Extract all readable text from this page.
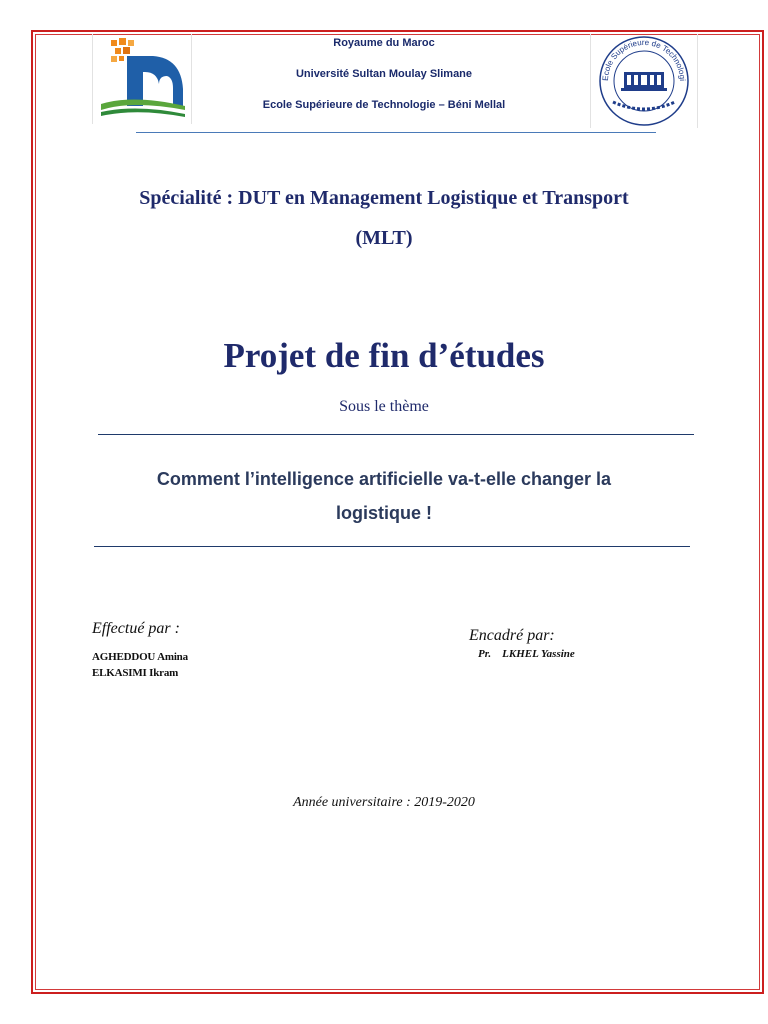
Royaume du Maroc
Université Sultan Moulay Slimane
Ecole Supérieure de Technologie – Béni Mellal
Ecole Supérieure de Technologi
Spécialité : DUT en Management Logistique et Transport
(MLT)
Projet de fin d’études
Sous le thème
Comment l’intelligence artificielle va-t-elle changer la
logistique !
Effectué par :
AGHEDDOU Amina
ELKASIMI Ikram
Encadré par:
Pr.    LKHEL Yassine
Année universitaire : 2019-2020
